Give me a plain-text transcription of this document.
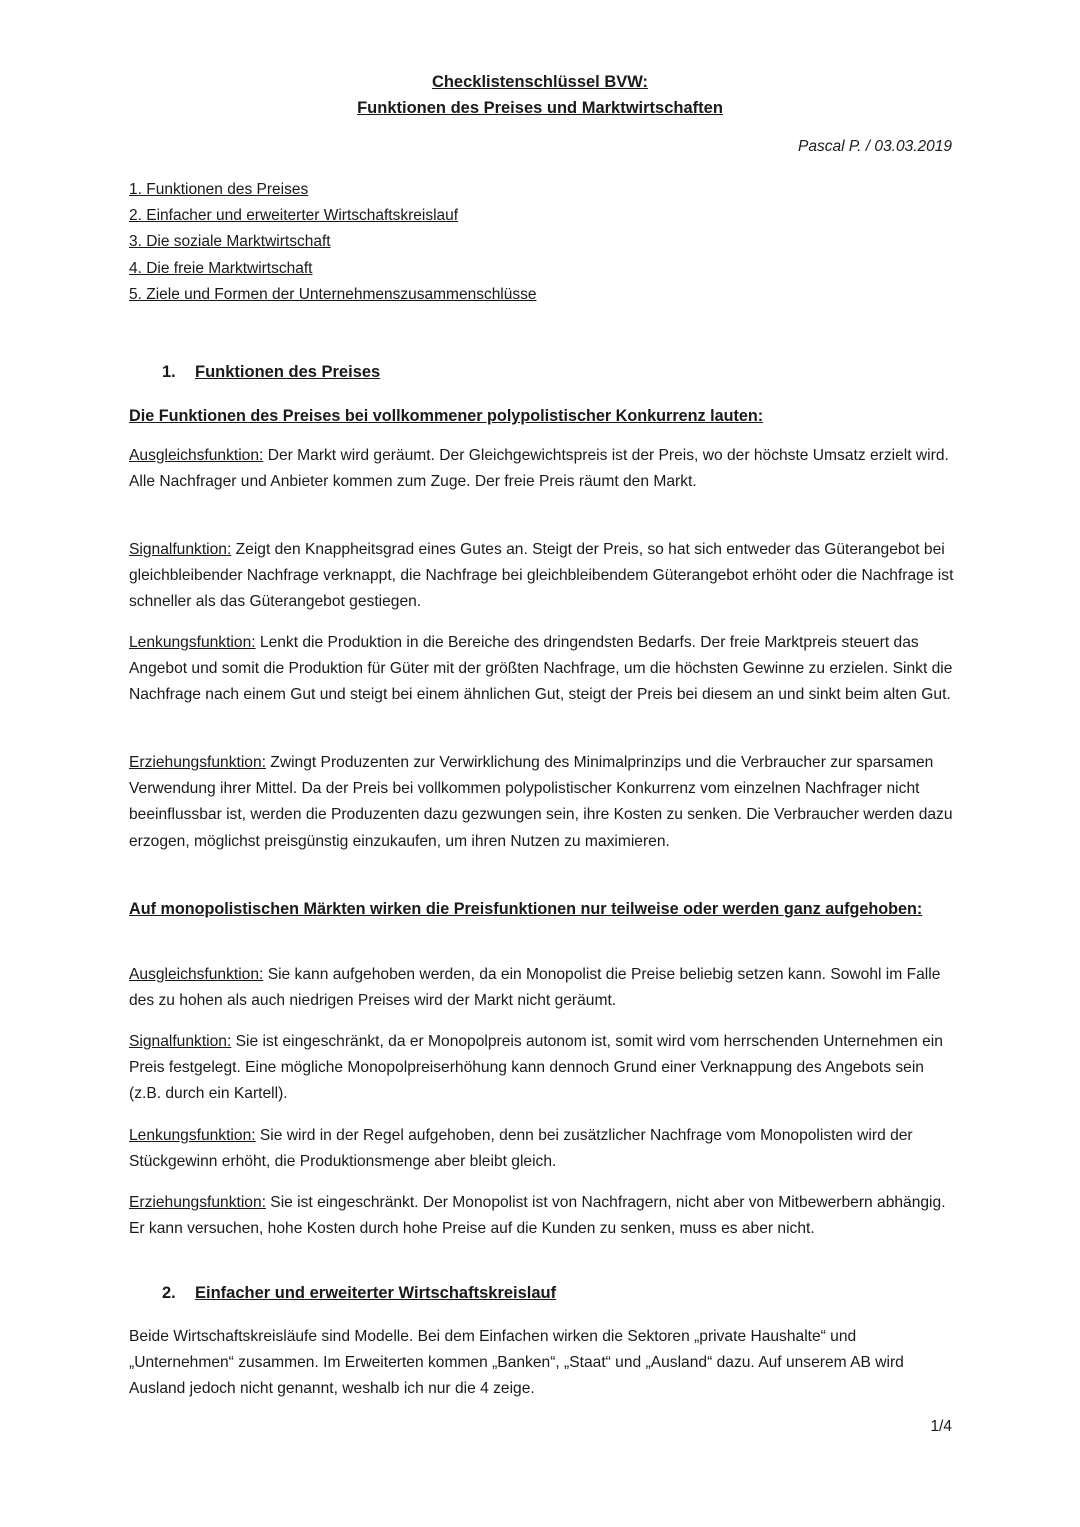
Checklistenschlüssel BVW:
Funktionen des Preises und Marktwirtschaften
Pascal P. / 03.03.2019
1. Funktionen des Preises
2. Einfacher und erweiterter Wirtschaftskreislauf
3. Die soziale Marktwirtschaft
4. Die freie Marktwirtschaft
5. Ziele und Formen der Unternehmenszusammenschlüsse
1. Funktionen des Preises
Die Funktionen des Preises bei vollkommener polypolistischer Konkurrenz lauten:

Ausgleichsfunktion: Der Markt wird geräumt. Der Gleichgewichtspreis ist der Preis, wo der höchste Umsatz erzielt wird. Alle Nachfrager und Anbieter kommen zum Zuge. Der freie Preis räumt den Markt.

Signalfunktion: Zeigt den Knappheitsgrad eines Gutes an. Steigt der Preis, so hat sich entweder das Güterangebot bei gleichbleibender Nachfrage verknappt, die Nachfrage bei gleichbleibendem Güterangebot erhöht oder die Nachfrage ist schneller als das Güterangebot gestiegen.

Lenkungsfunktion: Lenkt die Produktion in die Bereiche des dringendsten Bedarfs. Der freie Marktpreis steuert das Angebot und somit die Produktion für Güter mit der größten Nachfrage, um die höchsten Gewinne zu erzielen. Sinkt die Nachfrage nach einem Gut und steigt bei einem ähnlichen Gut, steigt der Preis bei diesem an und sinkt beim alten Gut.

Erziehungsfunktion: Zwingt Produzenten zur Verwirklichung des Minimalprinzips und die Verbraucher zur sparsamen Verwendung ihrer Mittel. Da der Preis bei vollkommen polypolistischer Konkurrenz vom einzelnen Nachfrager nicht beeinflussbar ist, werden die Produzenten dazu gezwungen sein, ihre Kosten zu senken. Die Verbraucher werden dazu erzogen, möglichst preisgünstig einzukaufen, um ihren Nutzen zu maximieren.

Auf monopolistischen Märkten wirken die Preisfunktionen nur teilweise oder werden ganz aufgehoben:

Ausgleichsfunktion: Sie kann aufgehoben werden, da ein Monopolist die Preise beliebig setzen kann. Sowohl im Falle des zu hohen als auch niedrigen Preises wird der Markt nicht geräumt.

Signalfunktion: Sie ist eingeschränkt, da er Monopolpreis autonom ist, somit wird vom herrschenden Unternehmen ein Preis festgelegt. Eine mögliche Monopolpreiserhöhung kann dennoch Grund einer Verknappung des Angebots sein (z.B. durch ein Kartell).

Lenkungsfunktion: Sie wird in der Regel aufgehoben, denn bei zusätzlicher Nachfrage vom Monopolisten wird der Stückgewinn erhöht, die Produktionsmenge aber bleibt gleich.

Erziehungsfunktion: Sie ist eingeschränkt. Der Monopolist ist von Nachfragern, nicht aber von Mitbewerbern abhängig. Er kann versuchen, hohe Kosten durch hohe Preise auf die Kunden zu senken, muss es aber nicht.

2. Einfacher und erweiterter Wirtschaftskreislauf

Beide Wirtschaftskreisläufe sind Modelle. Bei dem Einfachen wirken die Sektoren „private Haushalte“ und „Unternehmen“ zusammen. Im Erweiterten kommen „Banken“, „Staat“ und „Ausland“ dazu. Auf unserem AB wird Ausland jedoch nicht genannt, weshalb ich nur die 4 zeige.

1/4
